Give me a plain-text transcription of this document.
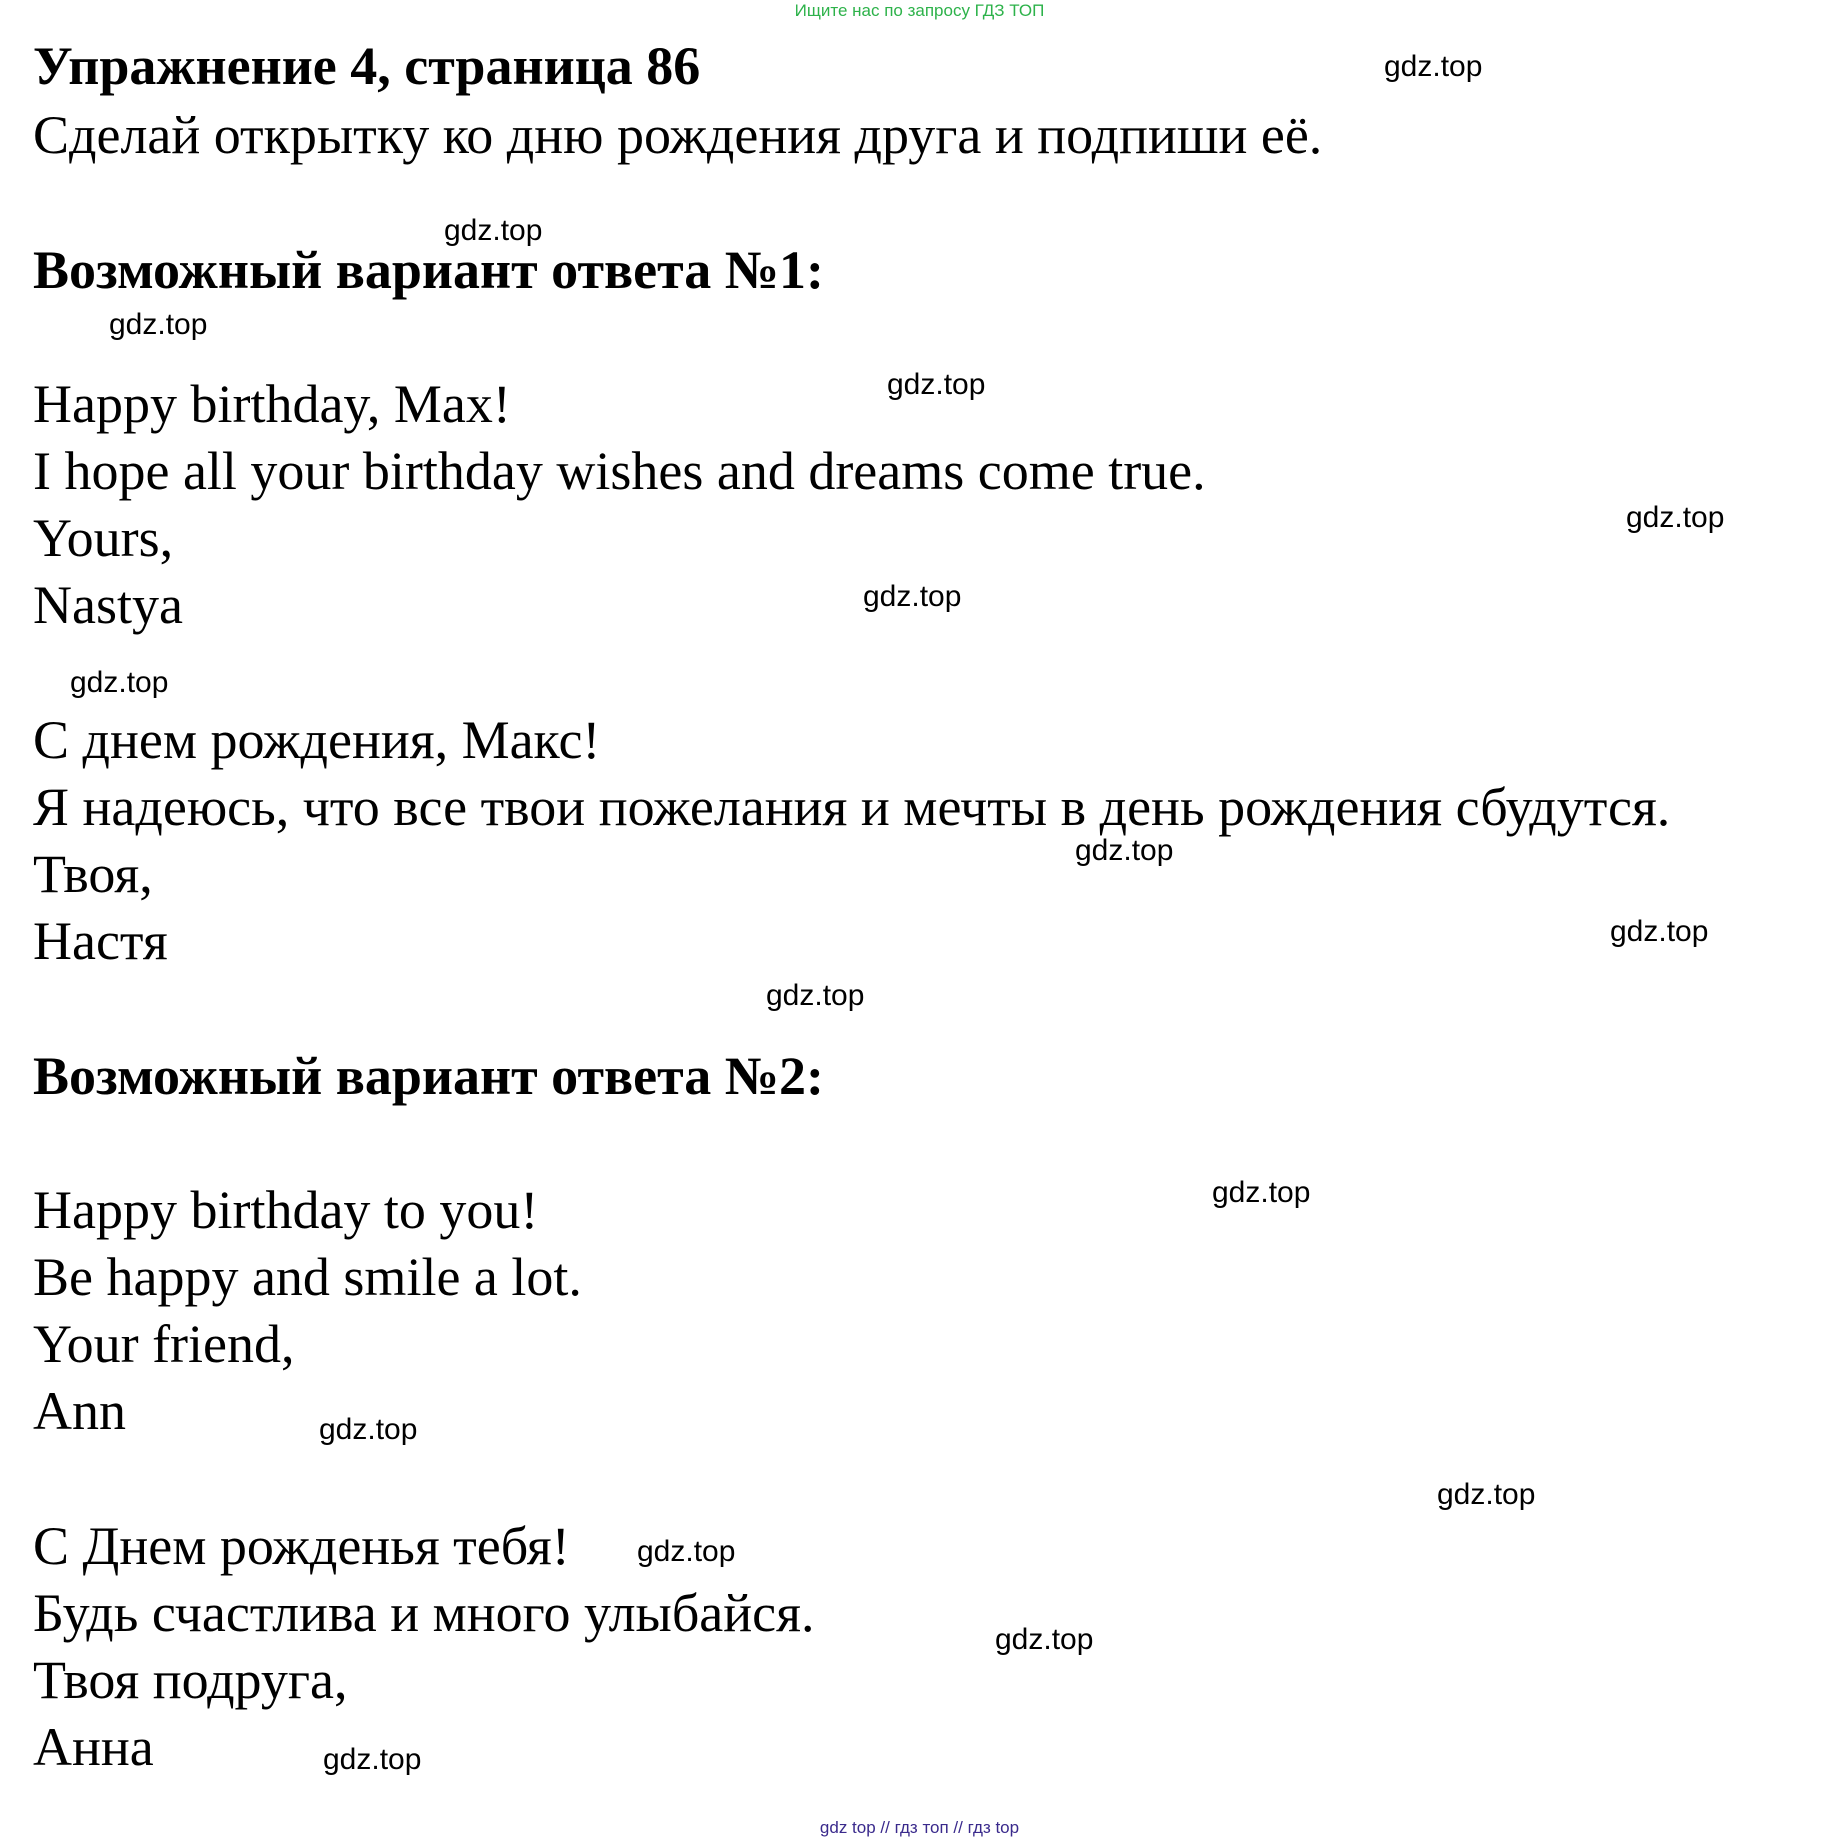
Ищите нас по запросу ГДЗ ТОП
Упражнение 4, страница 86
Сделай открытку ко дню рождения друга и подпиши её.
Возможный вариант ответа №1:
Happy birthday, Max!
I hope all your birthday wishes and dreams come true.
Yours,
Nastya
С днем рождения, Макс!
Я надеюсь, что все твои пожелания и мечты в день рождения сбудутся.
Твоя,
Настя
Возможный вариант ответа №2:
Happy birthday to you!
Be happy and smile a lot.
Your friend,
Ann
С Днем рожденья тебя!
Будь счастлива и много улыбайся.
Твоя подруга,
Анна
gdz.top
gdz.top
gdz.top
gdz.top
gdz.top
gdz.top
gdz.top
gdz.top
gdz.top
gdz.top
gdz.top
gdz.top
gdz.top
gdz.top
gdz.top
gdz.top
gdz top // гдз топ // гдз top
